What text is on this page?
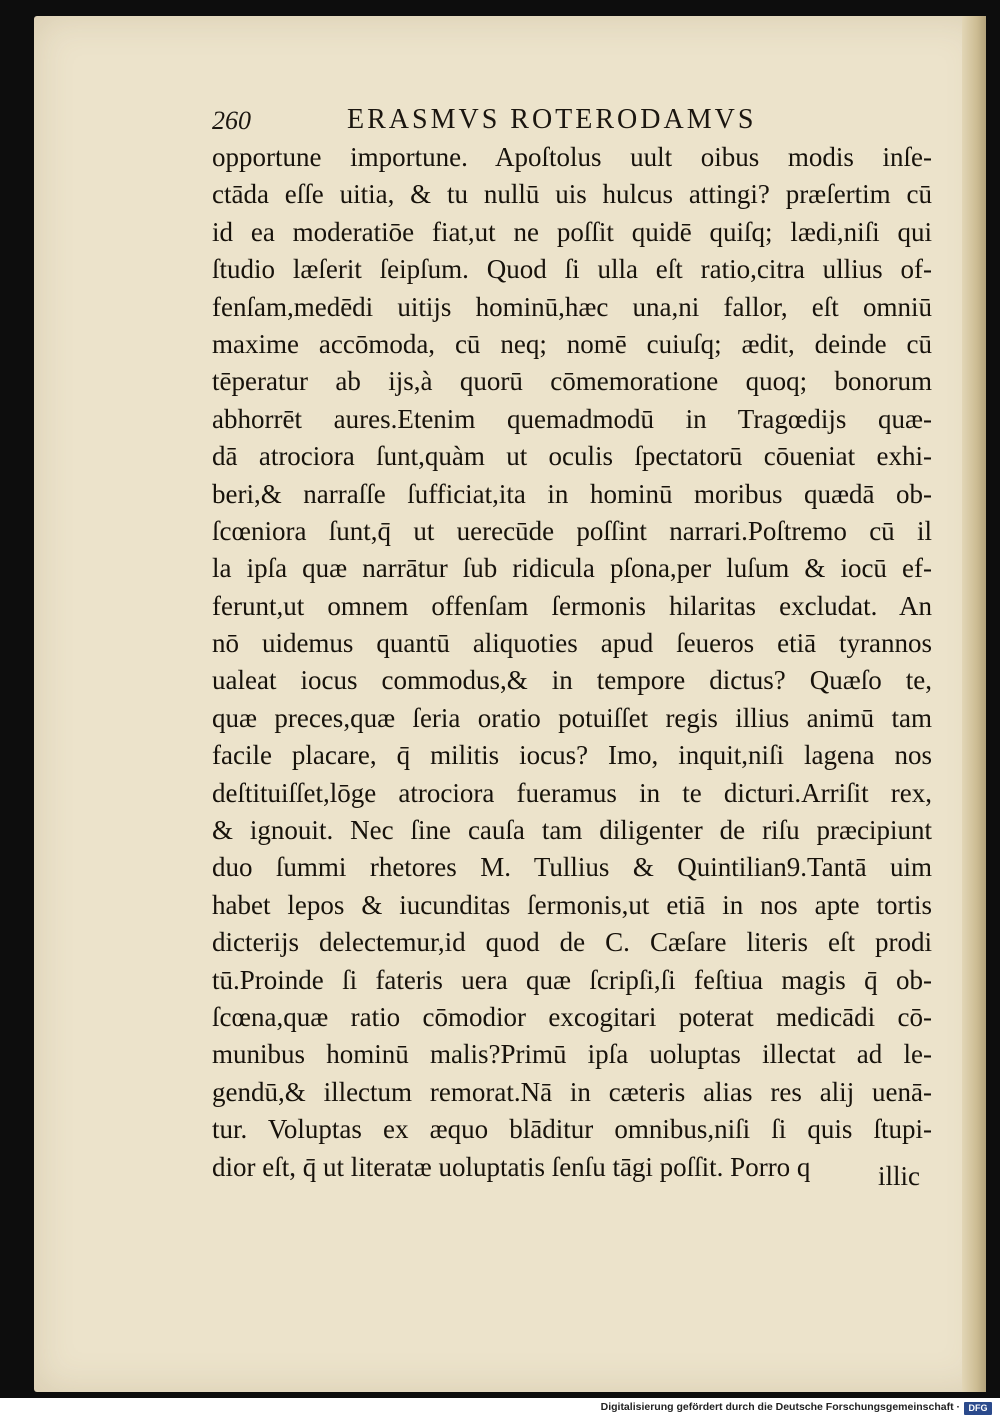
260	ERASMVS ROTERODAMVS
opportune importune. Apoſtolus uult oibus modis inſe-
ctāda eſſe uitia, & tu nullū uis hulcus attingi? præſertim cū
id ea moderatiōe fiat,ut ne poſſit quidē quiſq; lædi,niſi qui
ſtudio læſerit ſeipſum. Quod ſi ulla eſt ratio,citra ullius of-
fenſam,medēdi uitijs hominū,hæc una,ni fallor, eſt omniū
maxime accōmoda, cū neq; nomē cuiuſq; ædit, deinde cū
tēperatur ab ijs,à quorū cōmemoratione quoq; bonorum
abhorrēt aures.Etenim quemadmodū in Tragœdijs quæ-
dā atrociora ſunt,quàm ut oculis ſpectatorū cōueniat exhi-
beri,& narraſſe ſufficiat,ita in hominū moribus quædā ob-
ſcœniora ſunt,q̄ ut uerecūde poſſint narrari.Poſtremo cū il
la ipſa quæ narrātur ſub ridicula pſona,per luſum & iocū ef-
ferunt,ut omnem offenſam ſermonis hilaritas excludat. An
nō uidemus quantū aliquoties apud ſeueros etiā tyrannos
ualeat iocus commodus,& in tempore dictus? Quæſo te,
quæ preces,quæ ſeria oratio potuiſſet regis illius animū tam
facile placare, q̄ militis iocus? Imo, inquit,niſi lagena nos
deſtituiſſet,lōge atrociora fueramus in te dicturi.Arriſit rex,
& ignouit. Nec ſine cauſa tam diligenter de riſu præcipiunt
duo ſummi rhetores M. Tullius & Quintilian9.Tantā uim
habet lepos & iucunditas ſermonis,ut etiā in nos apte tortis
dicterijs delectemur,id quod de C. Cæſare literis eſt prodi
tū.Proinde ſi fateris uera quæ ſcripſi,ſi feſtiua magis q̄ ob-
ſcœna,quæ ratio cōmodior excogitari poterat medicādi cō-
munibus hominū malis?Primū ipſa uoluptas illectat ad le-
gendū,& illectum remorat.Nā in cæteris alias res alij uenā-
tur. Voluptas ex æquo blāditur omnibus,niſi ſi quis ſtupi-
dior eſt, q̄ ut literatæ uoluptatis ſenſu tāgi poſſit. Porro q	illic
Digitalisierung gefördert durch die Deutsche Forschungsgemeinschaft · DFG
